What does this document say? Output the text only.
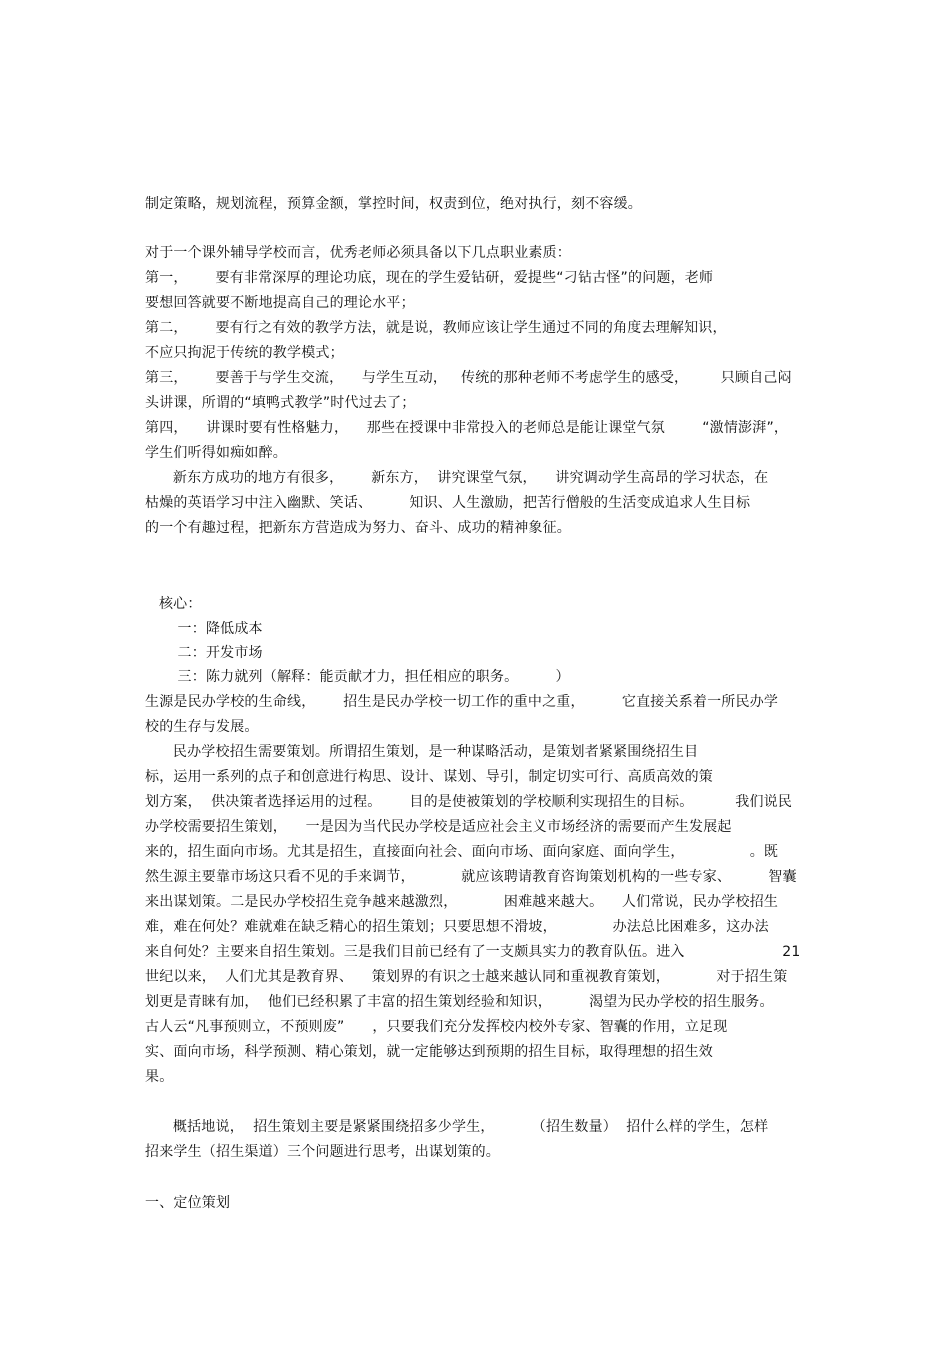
制定策略，规划流程，预算金额，掌控时间，权责到位，绝对执行，刻不容缓。
对于一个课外辅导学校而言，优秀老师必须具备以下几点职业素质：
第一，      要有非常深厚的理论功底，现在的学生爱钻研，爱提些“刁钻古怪”的问题，老师
要想回答就要不断地提高自己的理论水平；
第二，      要有行之有效的教学方法，就是说，教师应该让学生通过不同的角度去理解知识，
不应只拘泥于传统的教学模式；
第三，      要善于与学生交流，    与学生互动，   传统的那种老师不考虑学生的感受，       只顾自己闷
头讲课，所谓的“填鸭式教学”时代过去了；
第四，    讲课时要有性格魅力，    那些在授课中非常投入的老师总是能让课堂气氛        “激情澎湃”，
学生们听得如痴如醉。
新东方成功的地方有很多，      新东方，  讲究课堂气氛，    讲究调动学生高昂的学习状态，在
枯燥的英语学习中注入幽默、笑话、        知识、人生激励，把苦行僧般的生活变成追求人生目标
的一个有趣过程，把新东方营造成为努力、奋斗、成功的精神象征。
核心：
一：降低成本
二：开发市场
三：陈力就列（解释：能贡献才力，担任相应的职务。        ）
生源是民办学校的生命线，      招生是民办学校一切工作的重中之重，        它直接关系着一所民办学
校的生存与发展。
民办学校招生需要策划。所谓招生策划，是一种谋略活动，是策划者紧紧围绕招生目
标，运用一系列的点子和创意进行构思、设计、谋划、导引，制定切实可行、高质高效的策
划方案，  供决策者选择运用的过程。      目的是使被策划的学校顺利实现招生的目标。         我们说民
办学校需要招生策划，    一是因为当代民办学校是适应社会主义市场经济的需要而产生发展起
来的，招生面向市场。尤其是招生，直接面向社会、面向市场、面向家庭、面向学生，              。既
然生源主要靠市场这只看不见的手来调节，          就应该聘请教育咨询策划机构的一些专家、        智囊
来出谋划策。二是民办学校招生竞争越来越激烈，          困难越来越大。    人们常说，民办学校招生
难，难在何处？难就难在缺乏精心的招生策划；只要思想不滑坡，            办法总比困难多，这办法
来自何处？主要来自招生策划。三是我们目前已经有了一支颇具实力的教育队伍。进入                     21
世纪以来，  人们尤其是教育界、    策划界的有识之士越来越认同和重视教育策划，          对于招生策
划更是青睐有加，  他们已经积累了丰富的招生策划经验和知识，        渴望为民办学校的招生服务。
古人云“凡事预则立，不预则废”      ，只要我们充分发挥校内校外专家、智囊的作用，立足现
实、面向市场，科学预测、精心策划，就一定能够达到预期的招生目标，取得理想的招生效
果。
概括地说，  招生策划主要是紧紧围绕招多少学生，        （招生数量）  招什么样的学生，怎样
招来学生（招生渠道）三个问题进行思考，出谋划策的。
一、定位策划
